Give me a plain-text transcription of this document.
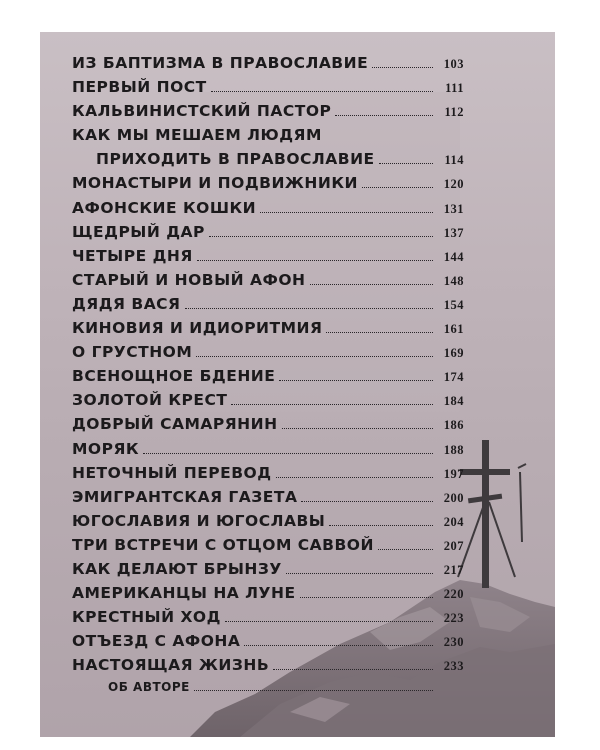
ИЗ БАПТИЗМА В ПРАВОСЛАВИЕ	103
ПЕРВЫЙ ПОСТ	111
КАЛЬВИНИСТСКИЙ ПАСТОР	112
КАК МЫ МЕШАЕМ ЛЮДЯМ
ПРИХОДИТЬ В ПРАВОСЛАВИЕ	114
МОНАСТЫРИ И ПОДВИЖНИКИ	120
АФОНСКИЕ КОШКИ	131
ЩЕДРЫЙ ДАР	137
ЧЕТЫРЕ ДНЯ	144
СТАРЫЙ И НОВЫЙ АФОН	148
ДЯДЯ ВАСЯ	154
КИНОВИЯ И ИДИОРИТМИЯ	161
О ГРУСТНОМ	169
ВСЕНОЩНОЕ БДЕНИЕ	174
ЗОЛОТОЙ КРЕСТ	184
ДОБРЫЙ САМАРЯНИН	186
МОРЯК	188
НЕТОЧНЫЙ ПЕРЕВОД	197
ЭМИГРАНТСКАЯ ГАЗЕТА	200
ЮГОСЛАВИЯ И ЮГОСЛАВЫ	204
ТРИ ВСТРЕЧИ С ОТЦОМ САВВОЙ	207
КАК ДЕЛАЮТ БРЫНЗУ	217
АМЕРИКАНЦЫ НА ЛУНЕ	220
КРЕСТНЫЙ ХОД	223
ОТЪЕЗД С АФОНА	230
НАСТОЯЩАЯ ЖИЗНЬ	233
ОБ АВТОРЕ
